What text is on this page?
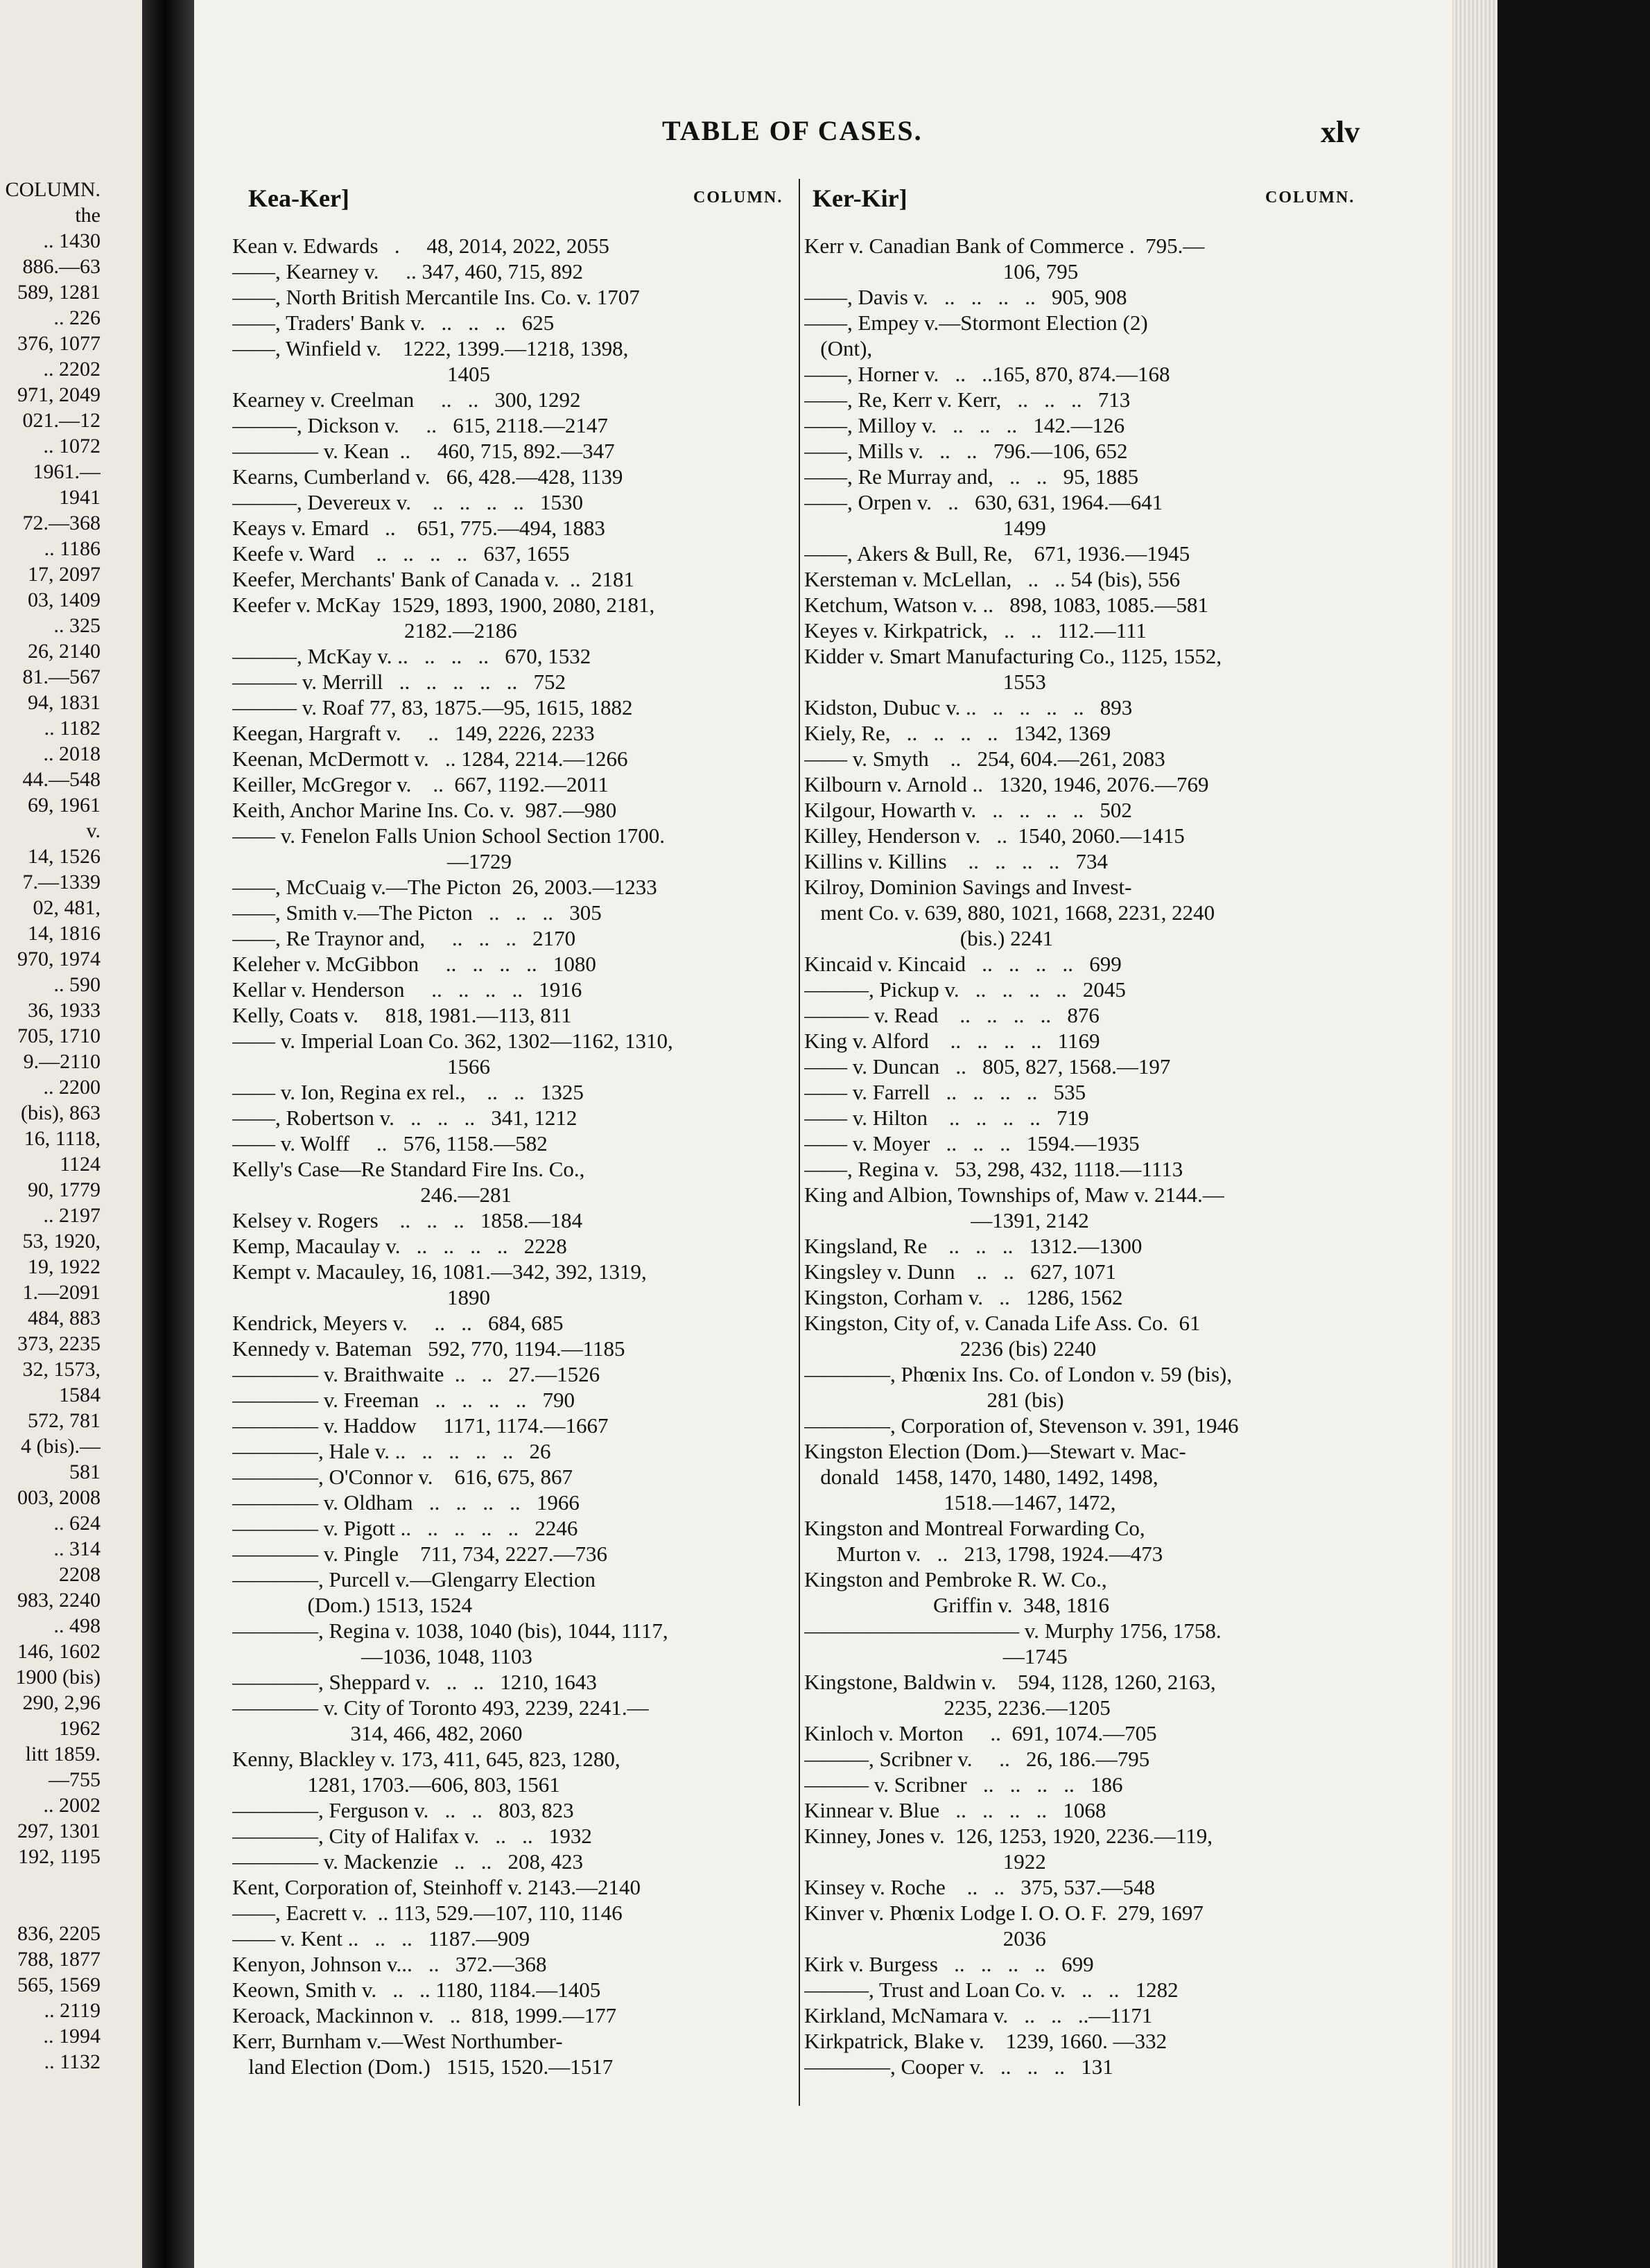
COLUMN.
the
.. 1430
886.—63
589, 1281
.. 226
376, 1077
.. 2202
971, 2049
021.—12
.. 1072
1961.—
1941
72.—368
.. 1186
17, 2097
03, 1409
.. 325
26, 2140
81.—567
94, 1831
.. 1182
.. 2018
44.—548
69, 1961
v.
14, 1526
7.—1339
02, 481,
14, 1816
970, 1974
.. 590
36, 1933
705, 1710
9.—2110
.. 2200
(bis), 863
16, 1118,
1124
90, 1779
.. 2197
53, 1920,
19, 1922
1.—2091
484, 883
373, 2235
32, 1573,
1584
572, 781
4 (bis).—
581
003, 2008
.. 624
.. 314
2208
983, 2240
.. 498
146, 1602
1900 (bis)
290, 2,96
1962
litt 1859.
—755
.. 2002
297, 1301
192, 1195

836, 2205
788, 1877
565, 1569
.. 2119
.. 1994
.. 1132
TABLE OF CASES.	xlv
Kea-Ker]	COLUMN. Ker-Kir]	COLUMN.
Kean v. Edwards   .     48, 2014, 2022, 2055
——, Kearney v.     .. 347, 460, 715, 892
——, North British Mercantile Ins. Co. v. 1707
——, Traders' Bank v.   ..   ..   ..   625
——, Winfield v.    1222, 1399.—1218, 1398,
1405
Kearney v. Creelman     ..   ..   300, 1292
———, Dickson v.     ..   615, 2118.—2147
———— v. Kean  ..     460, 715, 892.—347
Kearns, Cumberland v.   66, 428.—428, 1139
———, Devereux v.    ..   ..   ..   ..   1530
Keays v. Emard   ..    651, 775.—494, 1883
Keefe v. Ward    ..   ..   ..   ..   637, 1655
Keefer, Merchants' Bank of Canada v.  ..  2181
Keefer v. McKay  1529, 1893, 1900, 2080, 2181,
2182.—2186
———, McKay v. ..   ..   ..   ..   670, 1532
——— v. Merrill   ..   ..   ..   ..   ..   752
——— v. Roaf 77, 83, 1875.—95, 1615, 1882
Keegan, Hargraft v.     ..   149, 2226, 2233
Keenan, McDermott v.   .. 1284, 2214.—1266
Keiller, McGregor v.    ..  667, 1192.—2011
Keith, Anchor Marine Ins. Co. v.  987.—980
—— v. Fenelon Falls Union School Section 1700.
—1729
——, McCuaig v.—The Picton  26, 2003.—1233
——, Smith v.—The Picton   ..   ..   ..   305
——, Re Traynor and,     ..   ..   ..   2170
Keleher v. McGibbon     ..   ..   ..   ..   1080
Kellar v. Henderson     ..   ..   ..   ..   1916
Kelly, Coats v.     818, 1981.—113, 811
—— v. Imperial Loan Co. 362, 1302—1162, 1310,
1566
—— v. Ion, Regina ex rel.,    ..   ..   1325
——, Robertson v.   ..   ..   ..   341, 1212
—— v. Wolff     ..   576, 1158.—582
Kelly's Case—Re Standard Fire Ins. Co.,
246.—281
Kelsey v. Rogers    ..   ..   ..   1858.—184
Kemp, Macaulay v.   ..   ..   ..   ..   2228
Kempt v. Macauley, 16, 1081.—342, 392, 1319,
1890
Kendrick, Meyers v.     ..   ..   684, 685
Kennedy v. Bateman   592, 770, 1194.—1185
———— v. Braithwaite  ..   ..   27.—1526
———— v. Freeman   ..   ..   ..   ..   790
———— v. Haddow     1171, 1174.—1667
————, Hale v. ..   ..   ..   ..   ..   26
————, O'Connor v.    616, 675, 867
———— v. Oldham   ..   ..   ..   ..   1966
———— v. Pigott ..   ..   ..   ..   ..   2246
———— v. Pingle    711, 734, 2227.—736
————, Purcell v.—Glengarry Election
(Dom.) 1513, 1524
————, Regina v. 1038, 1040 (bis), 1044, 1117,
—1036, 1048, 1103
————, Sheppard v.   ..   ..   1210, 1643
———— v. City of Toronto 493, 2239, 2241.—
314, 466, 482, 2060
Kenny, Blackley v. 173, 411, 645, 823, 1280,
1281, 1703.—606, 803, 1561
————, Ferguson v.   ..   ..   803, 823
————, City of Halifax v.   ..   ..   1932
———— v. Mackenzie   ..   ..   208, 423
Kent, Corporation of, Steinhoff v. 2143.—2140
——, Eacrett v.  .. 113, 529.—107, 110, 1146
—— v. Kent ..   ..   ..   1187.—909
Kenyon, Johnson v...   ..   372.—368
Keown, Smith v.   ..   .. 1180, 1184.—1405
Keroack, Mackinnon v.   ..  818, 1999.—177
Kerr, Burnham v.—West Northumber-
land Election (Dom.)   1515, 1520.—1517
Kerr v. Canadian Bank of Commerce .  795.—
106, 795
——, Davis v.   ..   ..   ..   ..   905, 908
——, Empey v.—Stormont Election (2)
(Ont),
——, Horner v.   ..   ..165, 870, 874.—168
——, Re, Kerr v. Kerr,   ..   ..   ..   713
——, Milloy v.   ..   ..   ..   142.—126
——, Mills v.   ..   ..   796.—106, 652
——, Re Murray and,   ..   ..   95, 1885
——, Orpen v.   ..   630, 631, 1964.—641
1499
——, Akers & Bull, Re,    671, 1936.—1945
Kersteman v. McLellan,   ..   .. 54 (bis), 556
Ketchum, Watson v. ..   898, 1083, 1085.—581
Keyes v. Kirkpatrick,   ..   ..   112.—111
Kidder v. Smart Manufacturing Co., 1125, 1552,
1553
Kidston, Dubuc v. ..   ..   ..   ..   ..   893
Kiely, Re,   ..   ..   ..   ..   1342, 1369
—— v. Smyth    ..   254, 604.—261, 2083
Kilbourn v. Arnold ..   1320, 1946, 2076.—769
Kilgour, Howarth v.   ..   ..   ..   ..   502
Killey, Henderson v.   ..  1540, 2060.—1415
Killins v. Killins    ..   ..   ..   ..   734
Kilroy, Dominion Savings and Invest-
ment Co. v. 639, 880, 1021, 1668, 2231, 2240
(bis.) 2241
Kincaid v. Kincaid   ..   ..   ..   ..   699
———, Pickup v.   ..   ..   ..   ..   2045
——— v. Read    ..   ..   ..   ..   876
King v. Alford    ..   ..   ..   ..   1169
—— v. Duncan   ..   805, 827, 1568.—197
—— v. Farrell   ..   ..   ..   ..   535
—— v. Hilton    ..   ..   ..   ..   719
—— v. Moyer   ..   ..   ..   1594.—1935
——, Regina v.   53, 298, 432, 1118.—1113
King and Albion, Townships of, Maw v. 2144.—
—1391, 2142
Kingsland, Re    ..   ..   ..   1312.—1300
Kingsley v. Dunn    ..   ..   627, 1071
Kingston, Corham v.   ..   1286, 1562
Kingston, City of, v. Canada Life Ass. Co.  61
2236 (bis) 2240
————, Phœnix Ins. Co. of London v. 59 (bis),
281 (bis)
————, Corporation of, Stevenson v. 391, 1946
Kingston Election (Dom.)—Stewart v. Mac-
donald   1458, 1470, 1480, 1492, 1498,
1518.—1467, 1472,
Kingston and Montreal Forwarding Co,
Murton v.   ..   213, 1798, 1924.—473
Kingston and Pembroke R. W. Co.,
Griffin v.  348, 1816
—————————— v. Murphy 1756, 1758.
—1745
Kingstone, Baldwin v.    594, 1128, 1260, 2163,
2235, 2236.—1205
Kinloch v. Morton     ..  691, 1074.—705
———, Scribner v.     ..   26, 186.—795
——— v. Scribner   ..   ..   ..   ..   186
Kinnear v. Blue   ..   ..   ..   ..   1068
Kinney, Jones v.  126, 1253, 1920, 2236.—119,
1922
Kinsey v. Roche    ..   ..   375, 537.—548
Kinver v. Phœnix Lodge I. O. O. F.  279, 1697
2036
Kirk v. Burgess   ..   ..   ..   ..   699
———, Trust and Loan Co. v.   ..   ..   1282
Kirkland, McNamara v.   ..   ..   ..—1171
Kirkpatrick, Blake v.    1239, 1660. —332
————, Cooper v.   ..   ..   ..   131
